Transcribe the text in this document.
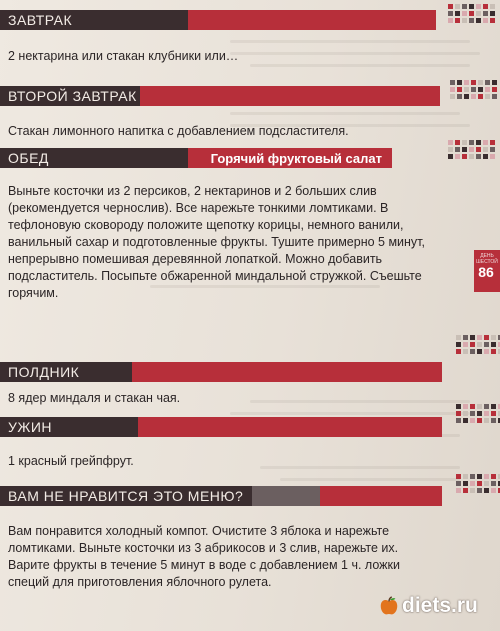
ЗАВТРАК
2 нектарина или стакан клубники или…
ВТОРОЙ ЗАВТРАК
Стакан лимонного напитка с добавлением подсластителя.
ОБЕД	Горячий фруктовый салат
Выньте косточки из 2 персиков, 2 нектаринов и 2 больших слив (рекомендуется чернослив). Все нарежьте тонкими ломтиками. В тефлоновую сковороду положите щепотку корицы, немного ванили, ванильный сахар и подготовленные фрукты. Тушите примерно 5 минут, непрерывно помешивая деревянной лопаткой. Можно добавить подсластитель. Посыпьте обжаренной миндальной стружкой. Съешьте горячим.
ДЕНЬ ШЕСТОЙ
86
ПОЛДНИК
8 ядер миндаля и стакан чая.
УЖИН
1 красный грейпфрут.
ВАМ НЕ НРАВИТСЯ ЭТО МЕНЮ?
Вам понравится холодный компот. Очистите 3 яблока и нарежьте ломтиками. Выньте косточки из 3 абрикосов и 3 слив, нарежьте их. Варите фрукты в течение 5 минут в воде с добавлением 1 ч. ложки специй для приготовления яблочного рулета.
diets.ru
